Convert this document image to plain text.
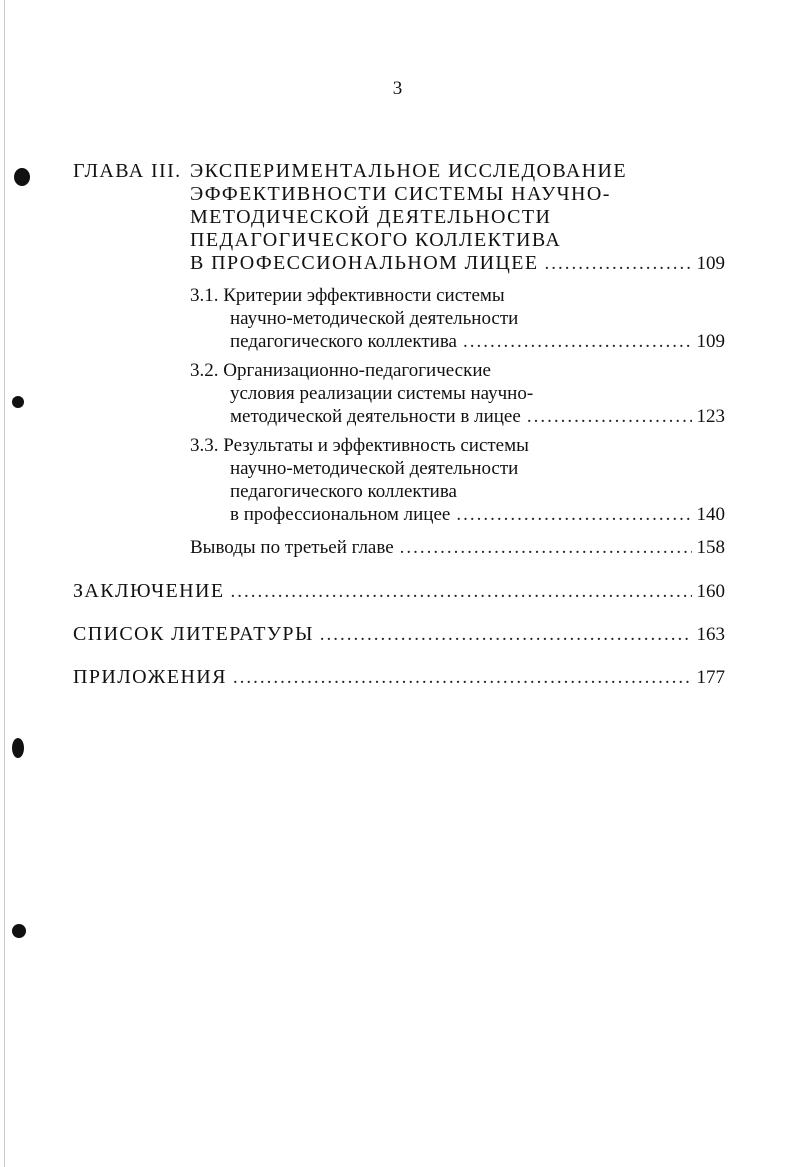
3
ГЛАВА III. ЭКСПЕРИМЕНТАЛЬНОЕ ИССЛЕДОВАНИЕ
ЭФФЕКТИВНОСТИ СИСТЕМЫ НАУЧНО-
МЕТОДИЧЕСКОЙ ДЕЯТЕЛЬНОСТИ
ПЕДАГОГИЧЕСКОГО КОЛЛЕКТИВА
В ПРОФЕССИОНАЛЬНОМ ЛИЦЕЕ .....	109
3.1. Критерии эффективности системы
научно-методической деятельности
педагогического коллектива .....	109
3.2. Организационно-педагогические
условия реализации системы научно-
методической деятельности в лицее .....	123
3.3. Результаты и эффективность системы
научно-методической деятельности
педагогического коллектива
в профессиональном лицее .....	140
Выводы по третьей главе .....	158
ЗАКЛЮЧЕНИЕ .....	160
СПИСОК ЛИТЕРАТУРЫ .....	163
ПРИЛОЖЕНИЯ .....	177
